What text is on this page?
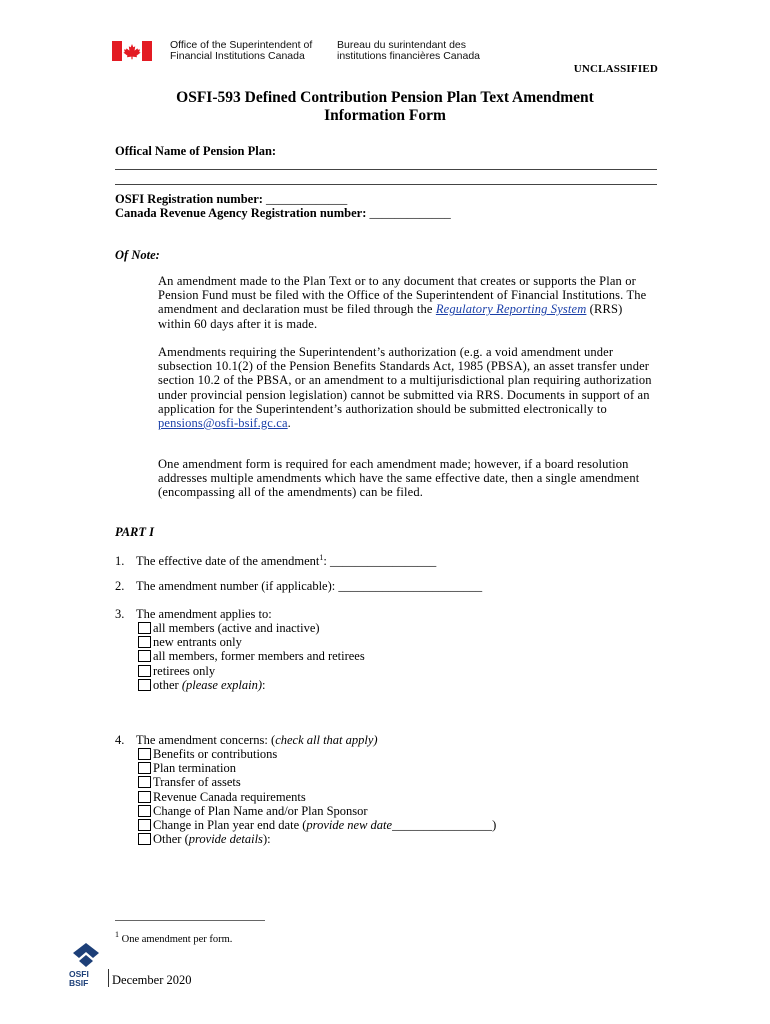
Office of the Superintendent of
Financial Institutions Canada
Bureau du surintendant des
institutions financières Canada
UNCLASSIFIED
OSFI-593 Defined Contribution Pension Plan Text Amendment
Information Form
Offical Name of Pension Plan:
OSFI Registration number: _____________
Canada Revenue Agency Registration number: _____________
Of Note:
An amendment made to the Plan Text or to any document that creates or supports the Plan or Pension Fund must be filed with the Office of the Superintendent of Financial Institutions. The amendment and declaration must be filed through the Regulatory Reporting System (RRS) within 60 days after it is made.
Amendments requiring the Superintendent’s authorization (e.g. a void amendment under subsection 10.1(2) of the Pension Benefits Standards Act, 1985 (PBSA), an asset transfer under section 10.2 of the PBSA, or an amendment to a multijurisdictional plan requiring authorization under provincial pension legislation) cannot be submitted via RRS. Documents in support of an application for the Superintendent’s authorization should be submitted electronically to pensions@osfi-bsif.gc.ca.
One amendment form is required for each amendment made; however, if a board resolution addresses multiple amendments which have the same effective date, then a single amendment (encompassing all of the amendments) can be filed.
PART I
1. The effective date of the amendment$^1$: _________________
2. The amendment number (if applicable): _______________________
3. The amendment applies to:
all members (active and inactive)
new entrants only
all members, former members and retirees
retirees only
other
(please explain) :
4. The amendment concerns: (check all that apply)
Benefits or contributions
Plan termination
Transfer of assets
Revenue Canada requirements
Change of Plan Name and/or Plan Sponsor
Change in Plan year end date ( provide new date ________________)
Other ( provide details ):
$^1$ One amendment per form.
OSFI
BSIF December 2020
